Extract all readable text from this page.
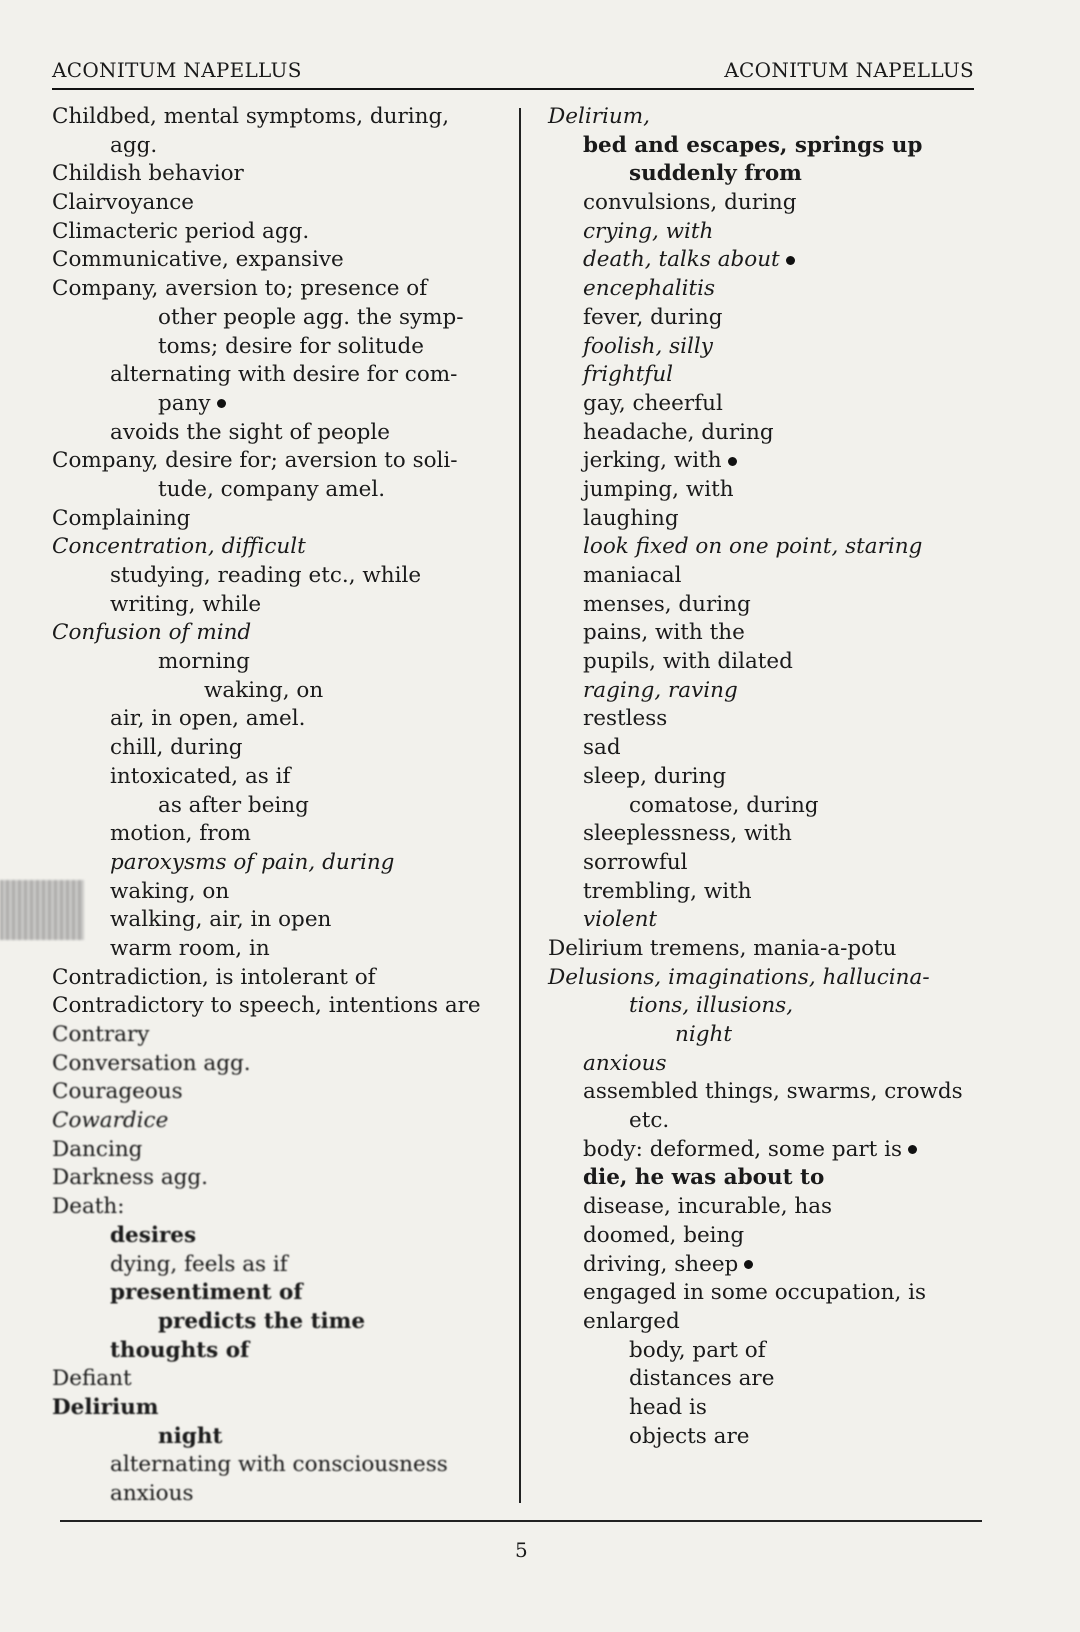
ACONITUM NAPELLUS	ACONITUM NAPELLUS
Childbed, mental symptoms, during,
agg.
Childish behavior
Clairvoyance
Climacteric period agg.
Communicative, expansive
Company, aversion to; presence of
other people agg. the symp-
toms; desire for solitude
alternating with desire for com-
pany
avoids the sight of people
Company, desire for; aversion to soli-
tude, company amel.
Complaining
Concentration, difficult
studying, reading etc., while
writing, while
Confusion of mind
morning
waking, on
air, in open, amel.
chill, during
intoxicated, as if
as after being
motion, from
paroxysms of pain, during
waking, on
walking, air, in open
warm room, in
Contradiction, is intolerant of
Contradictory to speech, intentions are
Contrary
Conversation agg.
Courageous
Cowardice
Dancing
Darkness agg.
Death:
desires
dying, feels as if
presentiment of
predicts the time
thoughts of
Defiant
Delirium
night
alternating with consciousness
anxious
Delirium,
bed and escapes, springs up
suddenly from
convulsions, during
crying, with
death, talks about
encephalitis
fever, during
foolish, silly
frightful
gay, cheerful
headache, during
jerking, with
jumping, with
laughing
look fixed on one point, staring
maniacal
menses, during
pains, with the
pupils, with dilated
raging, raving
restless
sad
sleep, during
comatose, during
sleeplessness, with
sorrowful
trembling, with
violent
Delirium tremens, mania-a-potu
Delusions, imaginations, hallucina-
tions, illusions,
night
anxious
assembled things, swarms, crowds
etc.
body: deformed, some part is
die, he was about to
disease, incurable, has
doomed, being
driving, sheep
engaged in some occupation, is
enlarged
body, part of
distances are
head is
objects are
5
